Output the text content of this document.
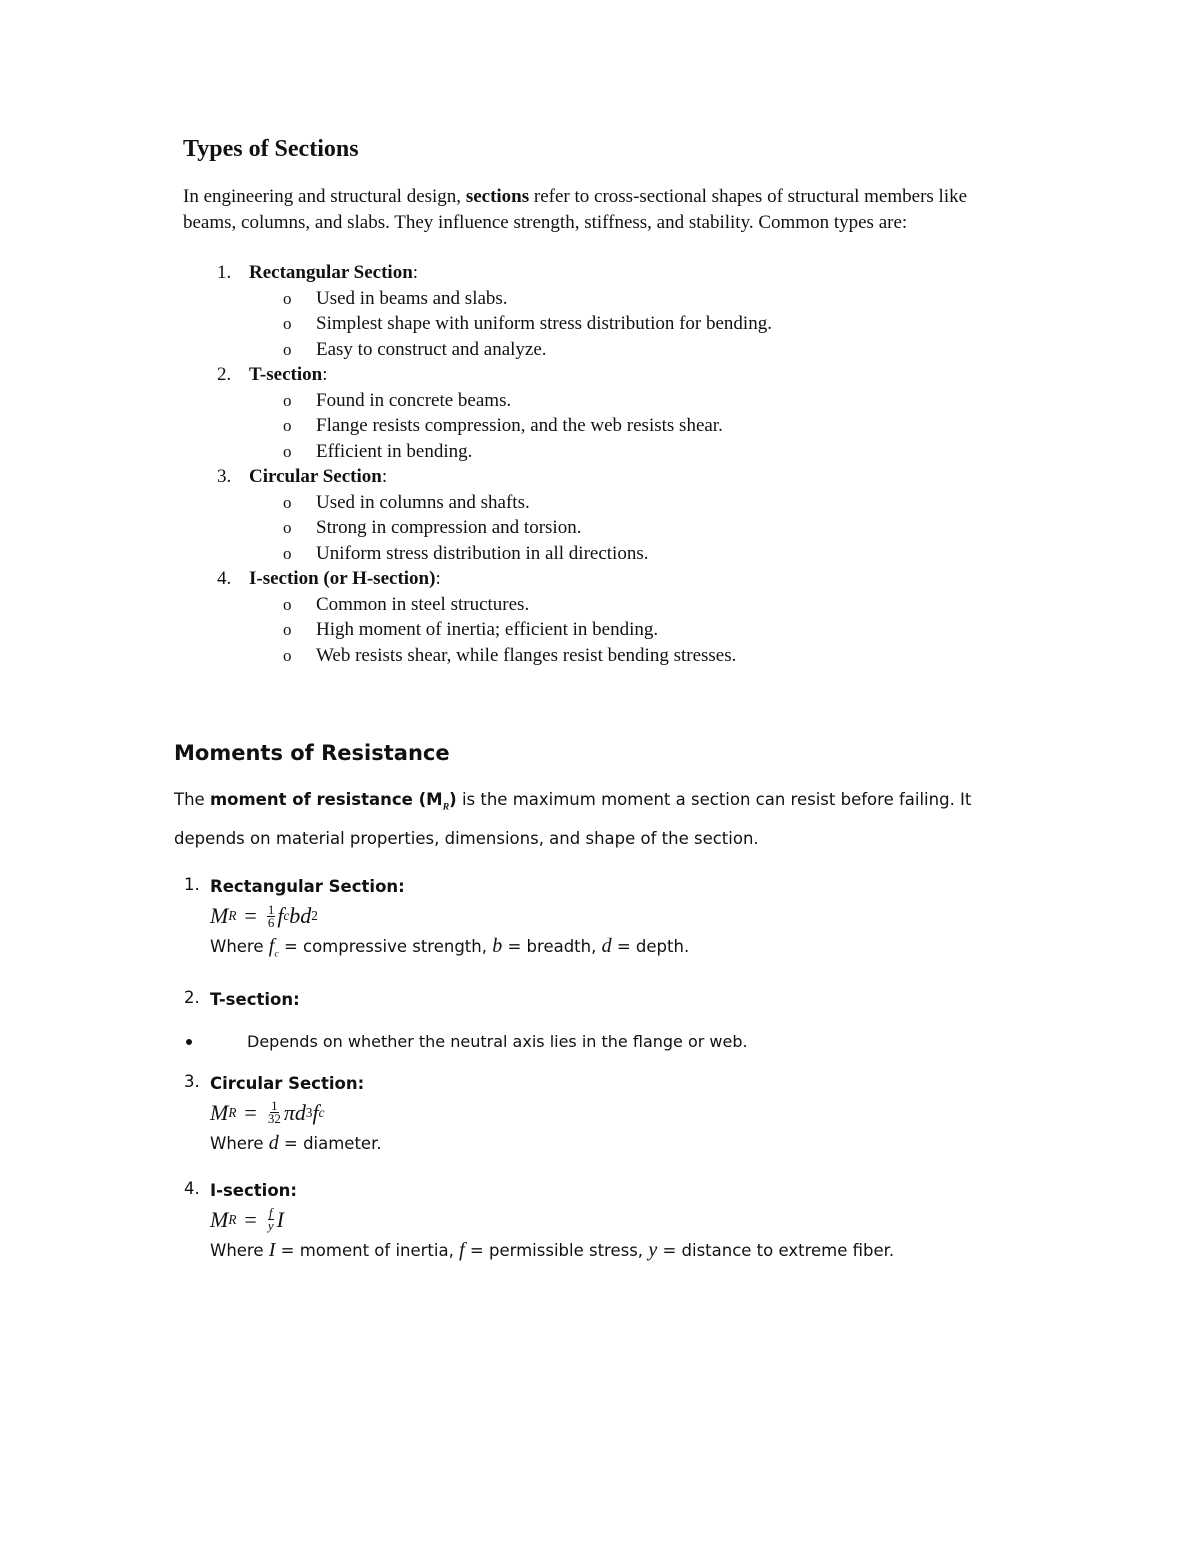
Types of Sections

In engineering and structural design, sections refer to cross-sectional shapes of structural members like beams, columns, and slabs. They influence strength, stiffness, and stability. Common types are:

1. Rectangular Section:
o Used in beams and slabs.
o Simplest shape with uniform stress distribution for bending.
o Easy to construct and analyze.
2. T-section:
o Found in concrete beams.
o Flange resists compression, and the web resists shear.
o Efficient in bending.
3. Circular Section:
o Used in columns and shafts.
o Strong in compression and torsion.
o Uniform stress distribution in all directions.
4. I-section (or H-section):
o Common in steel structures.
o High moment of inertia; efficient in bending.
o Web resists shear, while flanges resist bending stresses.
Moments of Resistance

The moment of resistance $(M_R)$ is the maximum moment a section can resist before failing. It depends on material properties, dimensions, and shape of the section.

1. Rectangular Section:
M $R = \frac{1}{6}$ f c bd 2
Where $f_c$ = compressive strength, b = breadth, d = depth.
2. T-section:
Depends on whether the neutral axis lies in the flange or web.
3. Circular Section:
M $R = \frac{1}{32}$ π d 3 f c
Where d = diameter.
4. I-section:
M $R = \frac{f}{y}$ I
Where I = moment of inertia, f = permissible stress, y = distance to extreme fiber.
